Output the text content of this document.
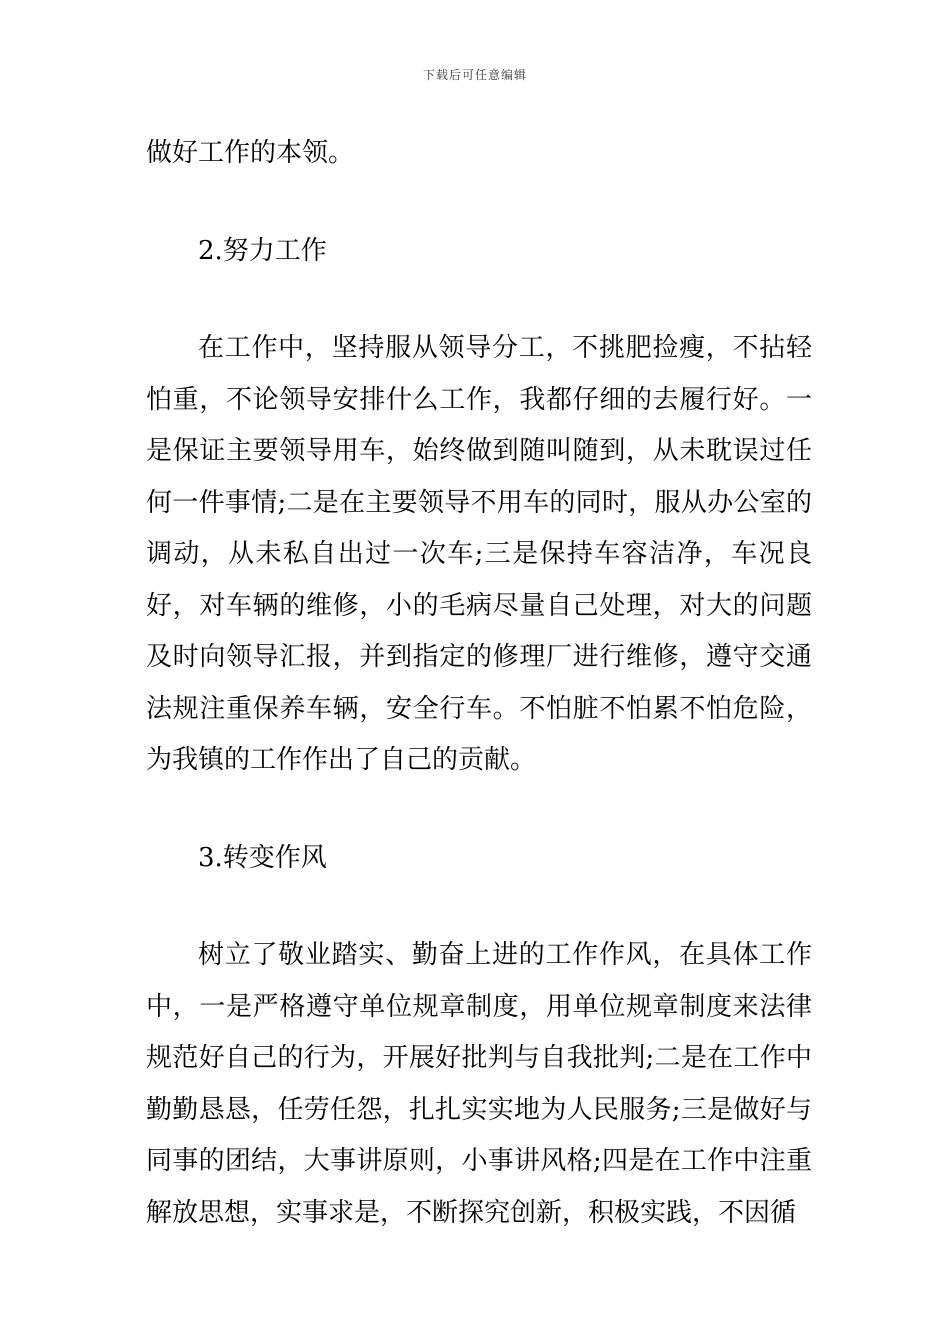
下载后可任意编辑

做好工作的本领。

2.努力工作

在工作中，坚持服从领导分工，不挑肥捡瘦，不拈轻怕重，不论领导安排什么工作，我都仔细的去履行好。一是保证主要领导用车，始终做到随叫随到，从未耽误过任何一件事情;二是在主要领导不用车的同时，服从办公室的调动，从未私自出过一次车;三是保持车容洁净，车况良好，对车辆的维修，小的毛病尽量自己处理，对大的问题及时向领导汇报，并到指定的修理厂进行维修，遵守交通法规注重保养车辆，安全行车。不怕脏不怕累不怕危险，为我镇的工作作出了自己的贡献。

3.转变作风

树立了敬业踏实、勤奋上进的工作作风，在具体工作中，一是严格遵守单位规章制度，用单位规章制度来法律规范好自己的行为，开展好批判与自我批判;二是在工作中勤勤恳恳，任劳任怨，扎扎实实地为人民服务;三是做好与同事的团结，大事讲原则，小事讲风格;四是在工作中注重解放思想，实事求是，不断探究创新，积极实践，不因循
